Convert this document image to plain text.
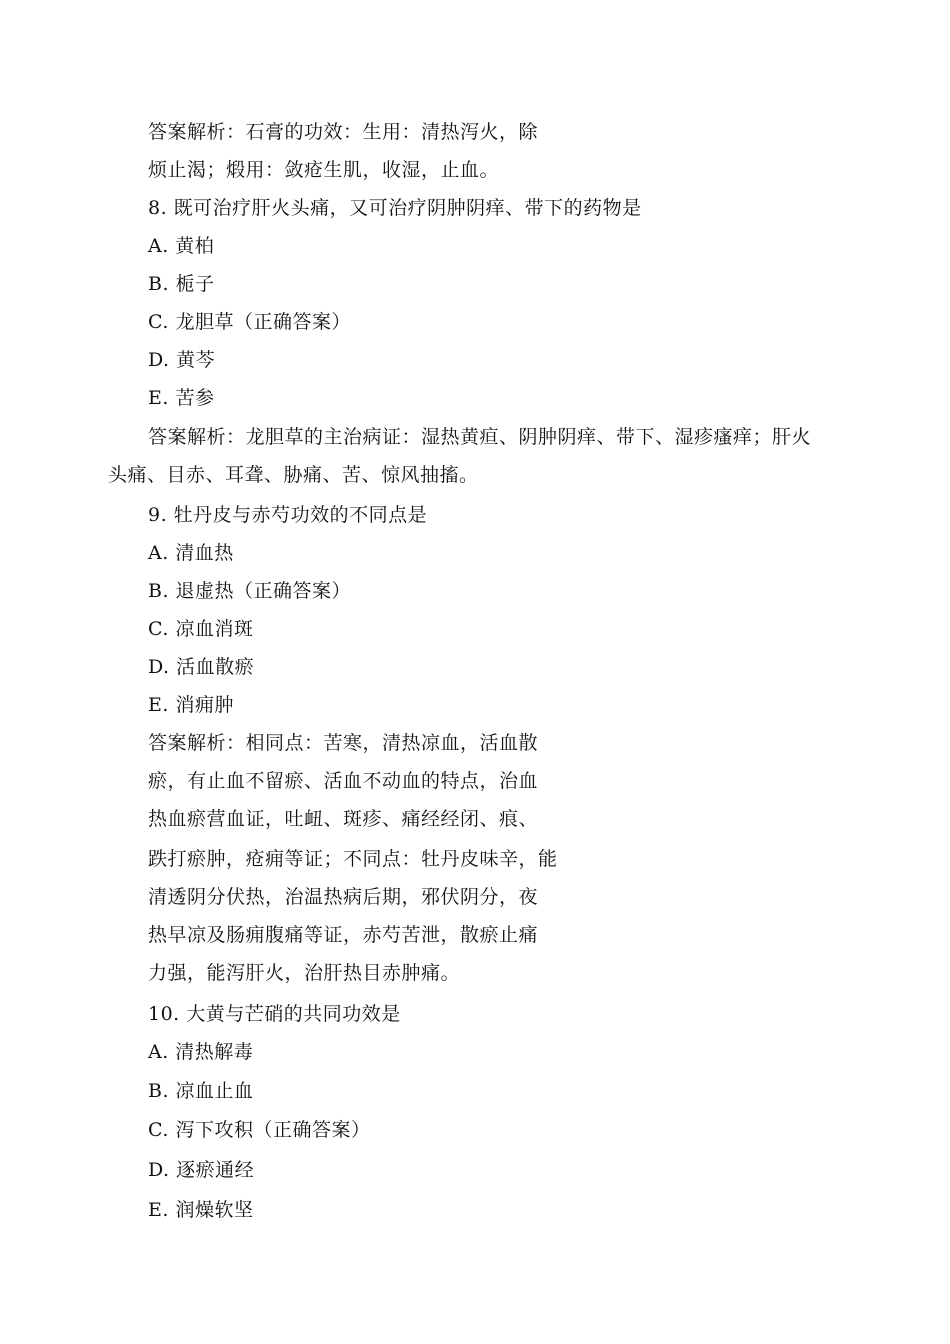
答案解析：石膏的功效：生用：清热泻火，除
烦止渴；煅用：敛疮生肌，收湿，止血。
8. 既可治疗肝火头痛，又可治疗阴肿阴痒、带下的药物是
A. 黄柏
B. 栀子
C. 龙胆草（正确答案）
D. 黄芩
E. 苦参
答案解析：龙胆草的主治病证：湿热黄疸、阴肿阴痒、带下、湿疹瘙痒；肝火
头痛、目赤、耳聋、胁痛、苦、惊风抽搐。
9. 牡丹皮与赤芍功效的不同点是
A. 清血热
B. 退虚热（正确答案）
C. 凉血消斑
D. 活血散瘀
E. 消痈肿
答案解析：相同点：苦寒，清热凉血，活血散
瘀，有止血不留瘀、活血不动血的特点，治血
热血瘀营血证，吐衄、斑疹、痛经经闭、痕、
跌打瘀肿，疮痈等证；不同点：牡丹皮味辛，能
清透阴分伏热，治温热病后期，邪伏阴分，夜
热早凉及肠痈腹痛等证，赤芍苦泄，散瘀止痛
力强，能泻肝火，治肝热目赤肿痛。
10. 大黄与芒硝的共同功效是
A. 清热解毒
B. 凉血止血
C. 泻下攻积（正确答案）
D. 逐瘀通经
E. 润燥软坚
